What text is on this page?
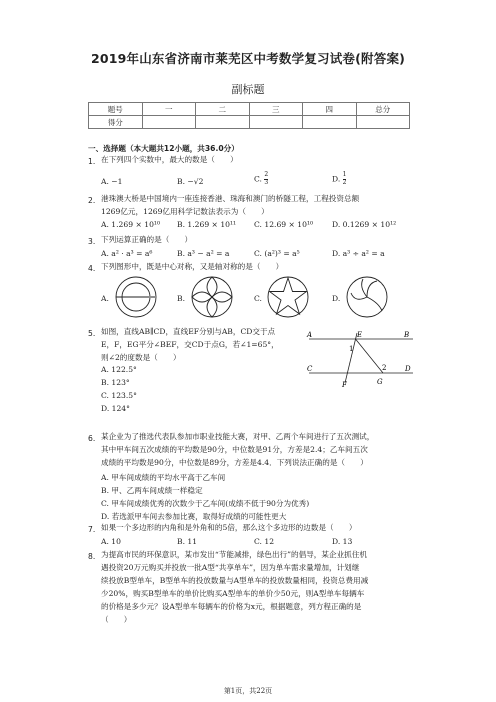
2019年山东省济南市莱芜区中考数学复习试卷(附答案)
副标题
题号	一	二	三	四	总分
得分					
一、选择题（本大题共12小题，共36.0分）
1. 在下列四个实数中，最大的数是（　　）
A. −1	B. −√2	C. $\frac{2}{3}$	D. $\frac{1}{2}$
2. 港珠澳大桥是中国境内一座连接香港、珠海和澳门的桥隧工程，工程投资总额
1269亿元，1269亿用科学记数法表示为（　　）
A. 1.269 × 10¹⁰ B. 1.269 × 10¹¹ C. 12.69 × 10¹⁰ D. 0.1269 × 10¹²
3. 下列运算正确的是（　　）
A. a² · a³ = a⁶	B. a³ − a² = a	C. (a²)³ = a⁵	D. a³ ÷ a² = a
4. 下列图形中，既是中心对称，又是轴对称的是（　　）
A.	B.	C.	D.
5. 如图，直线AB∥CD，直线EF分别与AB，CD交于点
E，F，EG平分∠BEF，交CD于点G，若∠1=65°，
则∠2的度数是（　　）
A. 122.5°
B. 123°
C. 123.5°
D. 124°
A	B
C	D
E
F	G
1
2
6. 某企业为了推选代表队参加市职业技能大赛，对甲、乙两个车间进行了五次测试，
其中甲车间五次成绩的平均数是90分，中位数是91分，方差是2.4；乙车间五次
成绩的平均数是90分，中位数是89分，方差是4.4．下列说法正确的是（　　）
A. 甲车间成绩的平均水平高于乙车间
B. 甲、乙两车间成绩一样稳定
C. 甲车间成绩优秀的次数少于乙车间(成绩不低于90分为优秀)
D. 若选派甲车间去参加比赛，取得好成绩的可能性更大
7. 如果一个多边形的内角和是外角和的5倍，那么这个多边形的边数是（　　）
A. 10	B. 11	C. 12	D. 13
8. 为提高市民的环保意识，某市发出“节能减排，绿色出行”的倡导，某企业抓住机
遇投资20万元购买并投放一批A型“共享单车”，因为单车需求量增加，计划继
续投放B型单车，B型单车的投放数量与A型单车的投放数量相同，投资总费用减
少20%，购买B型单车的单价比购买A型单车的单价少50元，则A型单车每辆车
的价格是多少元？设A型单车每辆车的价格为x元，根据题意，列方程正确的是
（　　）
第1页，共22页
